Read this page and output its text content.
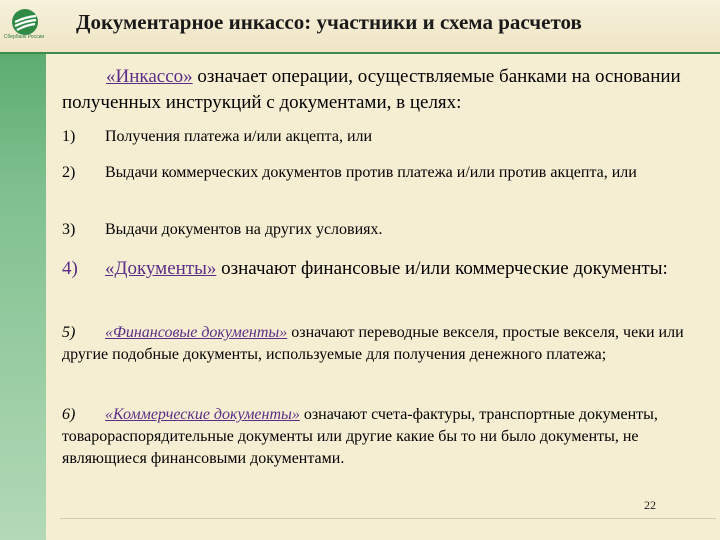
Сбербанк России
Документарное инкассо: участники и схема расчетов

«Инкассо» означает операции, осуществляемые банками на основании полученных инструкций с документами, в целях:

1) Получения платежа и/или акцепта, или

2) Выдачи коммерческих документов против платежа и/или против акцепта, или

3) Выдачи документов на других условиях.

4) «Документы» означают финансовые и/или коммерческие документы:

5) «Финансовые документы» означают переводные векселя, простые векселя, чеки или другие подобные документы, используемые для получения денежного платежа;

6) «Коммерческие документы» означают счета-фактуры, транспортные документы, товарораспорядительные документы или другие какие бы то ни было документы, не являющиеся финансовыми документами.

22
